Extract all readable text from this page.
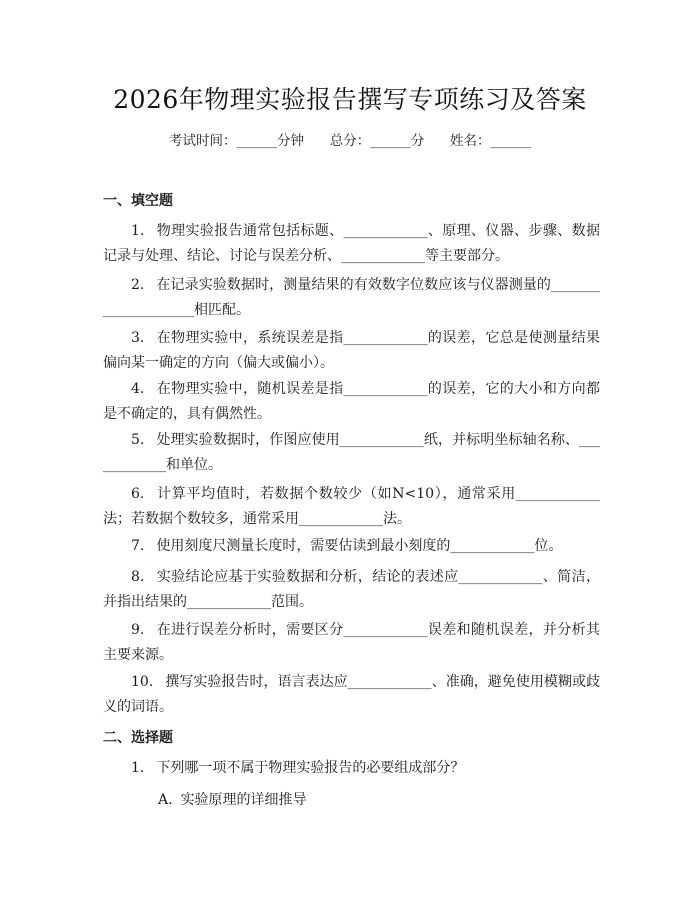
2026年物理实验报告撰写专项练习及答案
考试时间：______分钟      总分：______分      姓名：______
一、填空题

1. 物理实验报告通常包括标题、____________、原理、仪器、步骤、数据记录与处理、结论、讨论与误差分析、____________等主要部分。

2. 在记录实验数据时，测量结果的有效数字位数应该与仪器测量的____________________相匹配。

3. 在物理实验中，系统误差是指____________的误差，它总是使测量结果偏向某一确定的方向（偏大或偏小）。

4. 在物理实验中，随机误差是指____________的误差，它的大小和方向都是不确定的，具有偶然性。

5. 处理实验数据时，作图应使用____________纸，并标明坐标轴名称、____________和单位。

6. 计算平均值时，若数据个数较少（如N<10），通常采用____________法；若数据个数较多，通常采用____________法。

7. 使用刻度尺测量长度时，需要估读到最小刻度的____________位。

8. 实验结论应基于实验数据和分析，结论的表述应____________、简洁，并指出结果的____________范围。

9. 在进行误差分析时，需要区分____________误差和随机误差，并分析其主要来源。

10. 撰写实验报告时，语言表达应____________、准确，避免使用模糊或歧义的词语。

二、选择题

1. 下列哪一项不属于物理实验报告的必要组成部分？

A. 实验原理的详细推导
